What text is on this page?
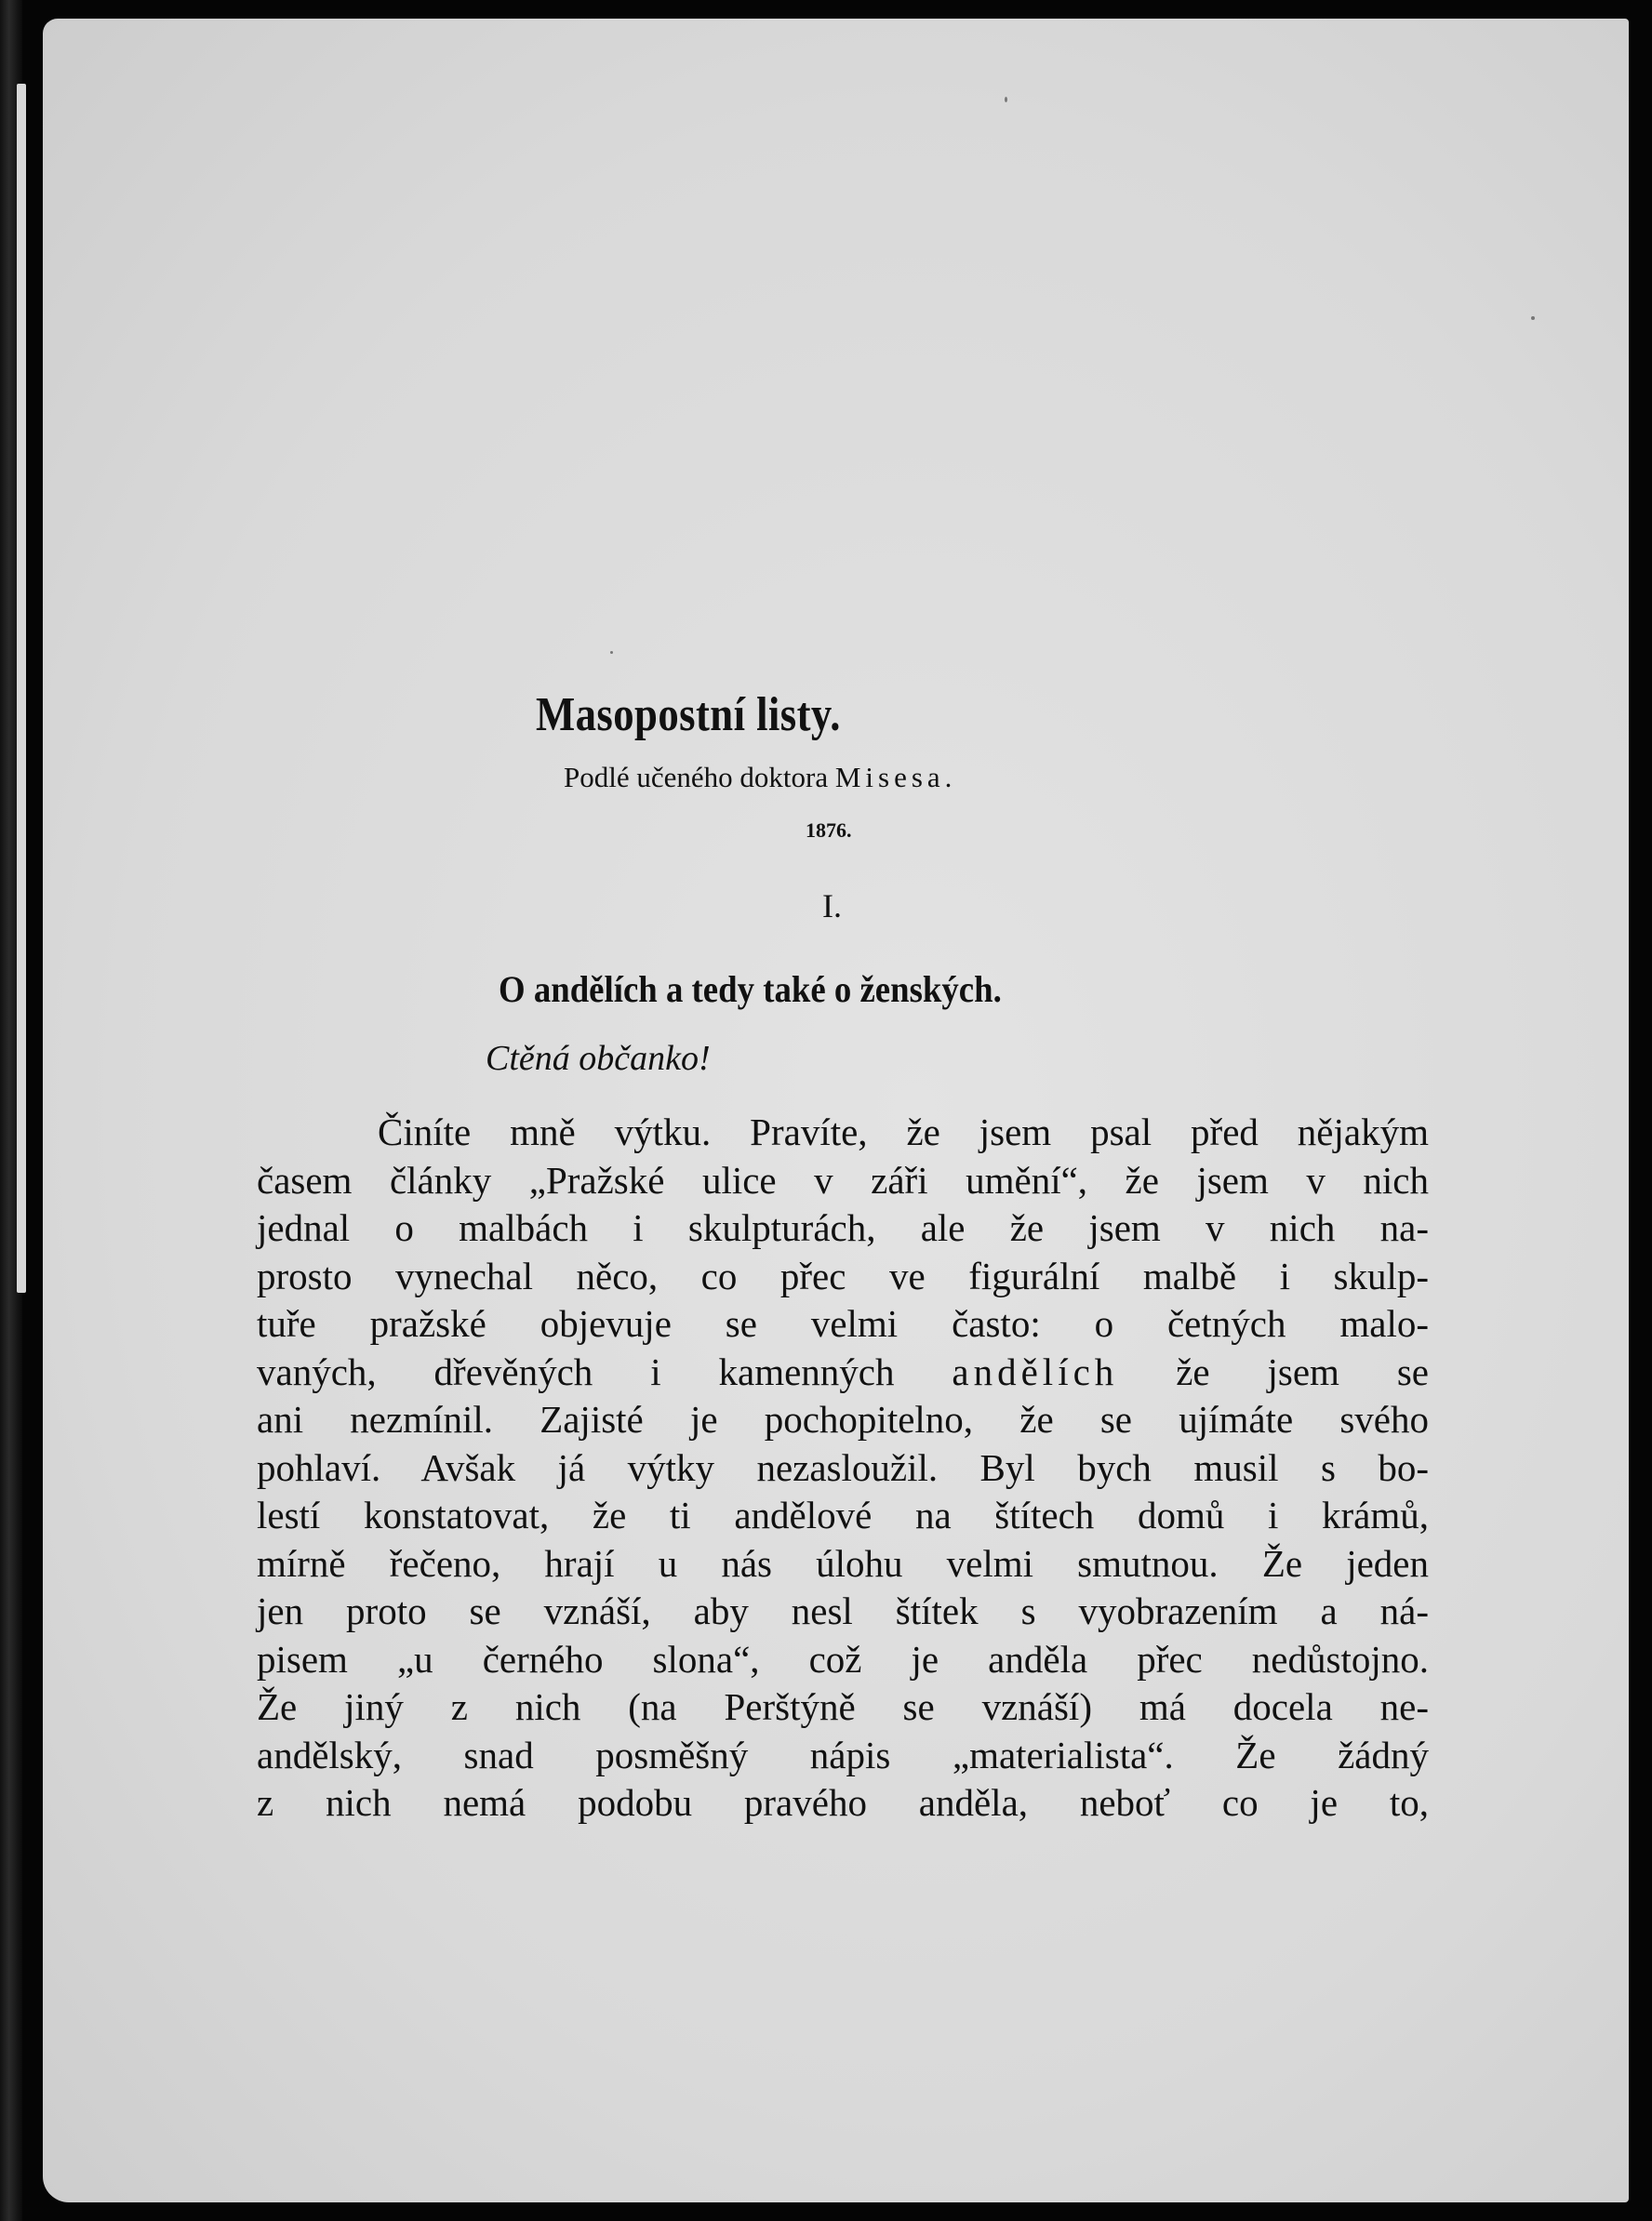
Masopostní listy.
Podlé učeného doktora Misesa.
1876.
I.
O andělích a tedy také o ženských.
Ctěná občanko!
Činíte mně výtku. Pravíte, že jsem psal před nějakým
časem články „Pražské ulice v záři umění“, že jsem v nich
jednal o malbách i skulpturách, ale že jsem v nich na-
prosto vynechal něco, co přec ve figurální malbě i skulp-
tuře pražské objevuje se velmi často: o četných malo-
vaných, dřevěných i kamenných andělích že jsem se
ani nezmínil. Zajisté je pochopitelno, že se ujímáte svého
pohlaví. Avšak já výtky nezasloužil. Byl bych musil s bo-
lestí konstatovat, že ti andělové na štítech domů i krámů,
mírně řečeno, hrají u nás úlohu velmi smutnou. Že jeden
jen proto se vznáší, aby nesl štítek s vyobrazením a ná-
pisem „u černého slona“, což je anděla přec nedůstojno.
Že jiný z nich (na Perštýně se vznáší) má docela ne-
andělský, snad posměšný nápis „materialista“. Že žádný
z nich nemá podobu pravého anděla, neboť co je to,
